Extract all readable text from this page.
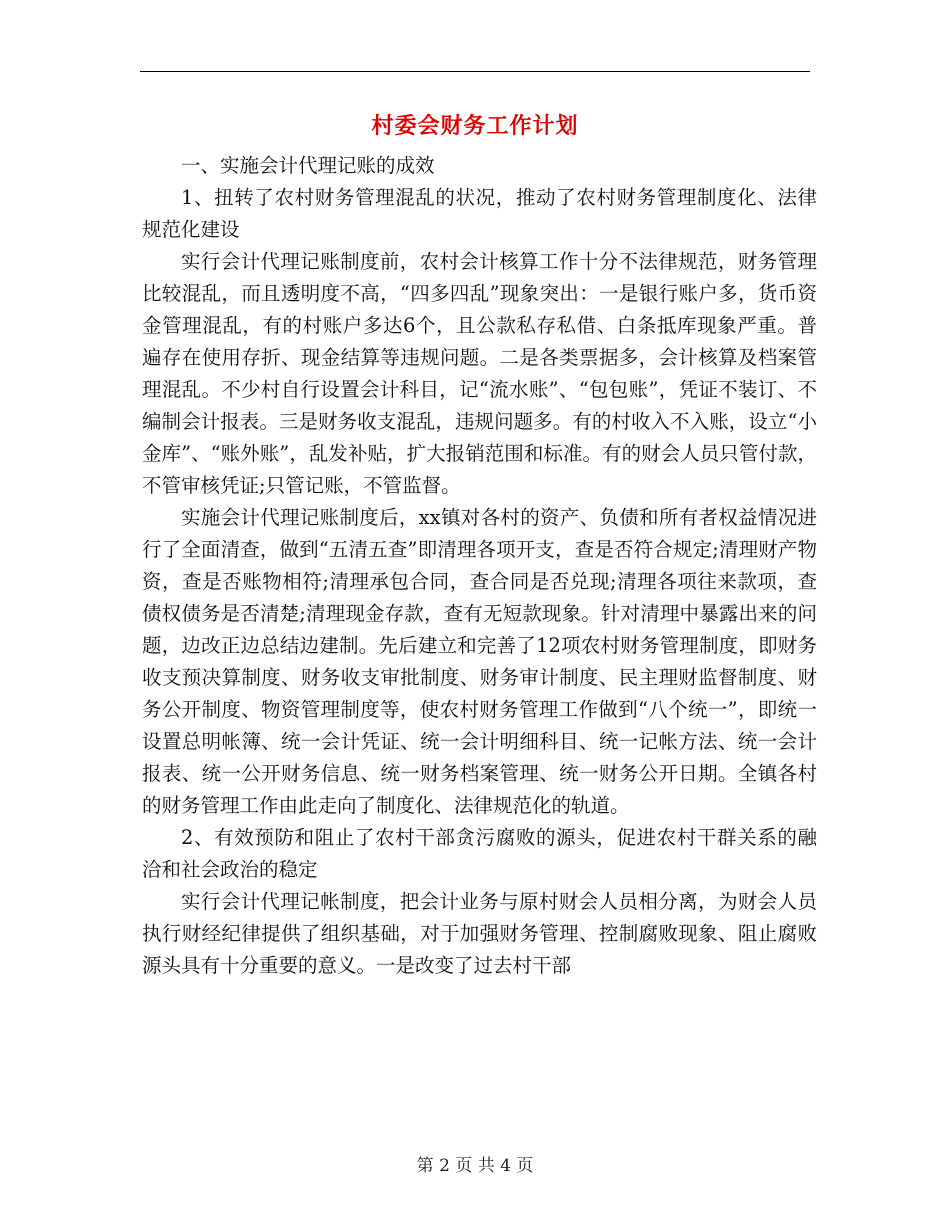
村委会财务工作计划

一、实施会计代理记账的成效

1、扭转了农村财务管理混乱的状况，推动了农村财务管理制度化、法律规范化建设

实行会计代理记账制度前，农村会计核算工作十分不法律规范，财务管理比较混乱，而且透明度不高，“四多四乱”现象突出：一是银行账户多，货币资金管理混乱，有的村账户多达6个，且公款私存私借、白条抵库现象严重。普遍存在使用存折、现金结算等违规问题。二是各类票据多，会计核算及档案管理混乱。不少村自行设置会计科目，记“流水账”、“包包账”，凭证不装订、不编制会计报表。三是财务收支混乱，违规问题多。有的村收入不入账，设立“小金库”、“账外账”，乱发补贴，扩大报销范围和标准。有的财会人员只管付款，不管审核凭证;只管记账，不管监督。

实施会计代理记账制度后，xx镇对各村的资产、负债和所有者权益情况进行了全面清查，做到“五清五查”即清理各项开支，查是否符合规定;清理财产物资，查是否账物相符;清理承包合同，查合同是否兑现;清理各项往来款项，查债权债务是否清楚;清理现金存款，查有无短款现象。针对清理中暴露出来的问题，边改正边总结边建制。先后建立和完善了12项农村财务管理制度，即财务收支预决算制度、财务收支审批制度、财务审计制度、民主理财监督制度、财务公开制度、物资管理制度等，使农村财务管理工作做到“八个统一”，即统一设置总明帐簿、统一会计凭证、统一会计明细科目、统一记帐方法、统一会计报表、统一公开财务信息、统一财务档案管理、统一财务公开日期。全镇各村的财务管理工作由此走向了制度化、法律规范化的轨道。

2、有效预防和阻止了农村干部贪污腐败的源头，促进农村干群关系的融洽和社会政治的稳定

实行会计代理记帐制度，把会计业务与原村财会人员相分离，为财会人员执行财经纪律提供了组织基础，对于加强财务管理、控制腐败现象、阻止腐败源头具有十分重要的意义。一是改变了过去村干部

第 2 页 共 4 页
